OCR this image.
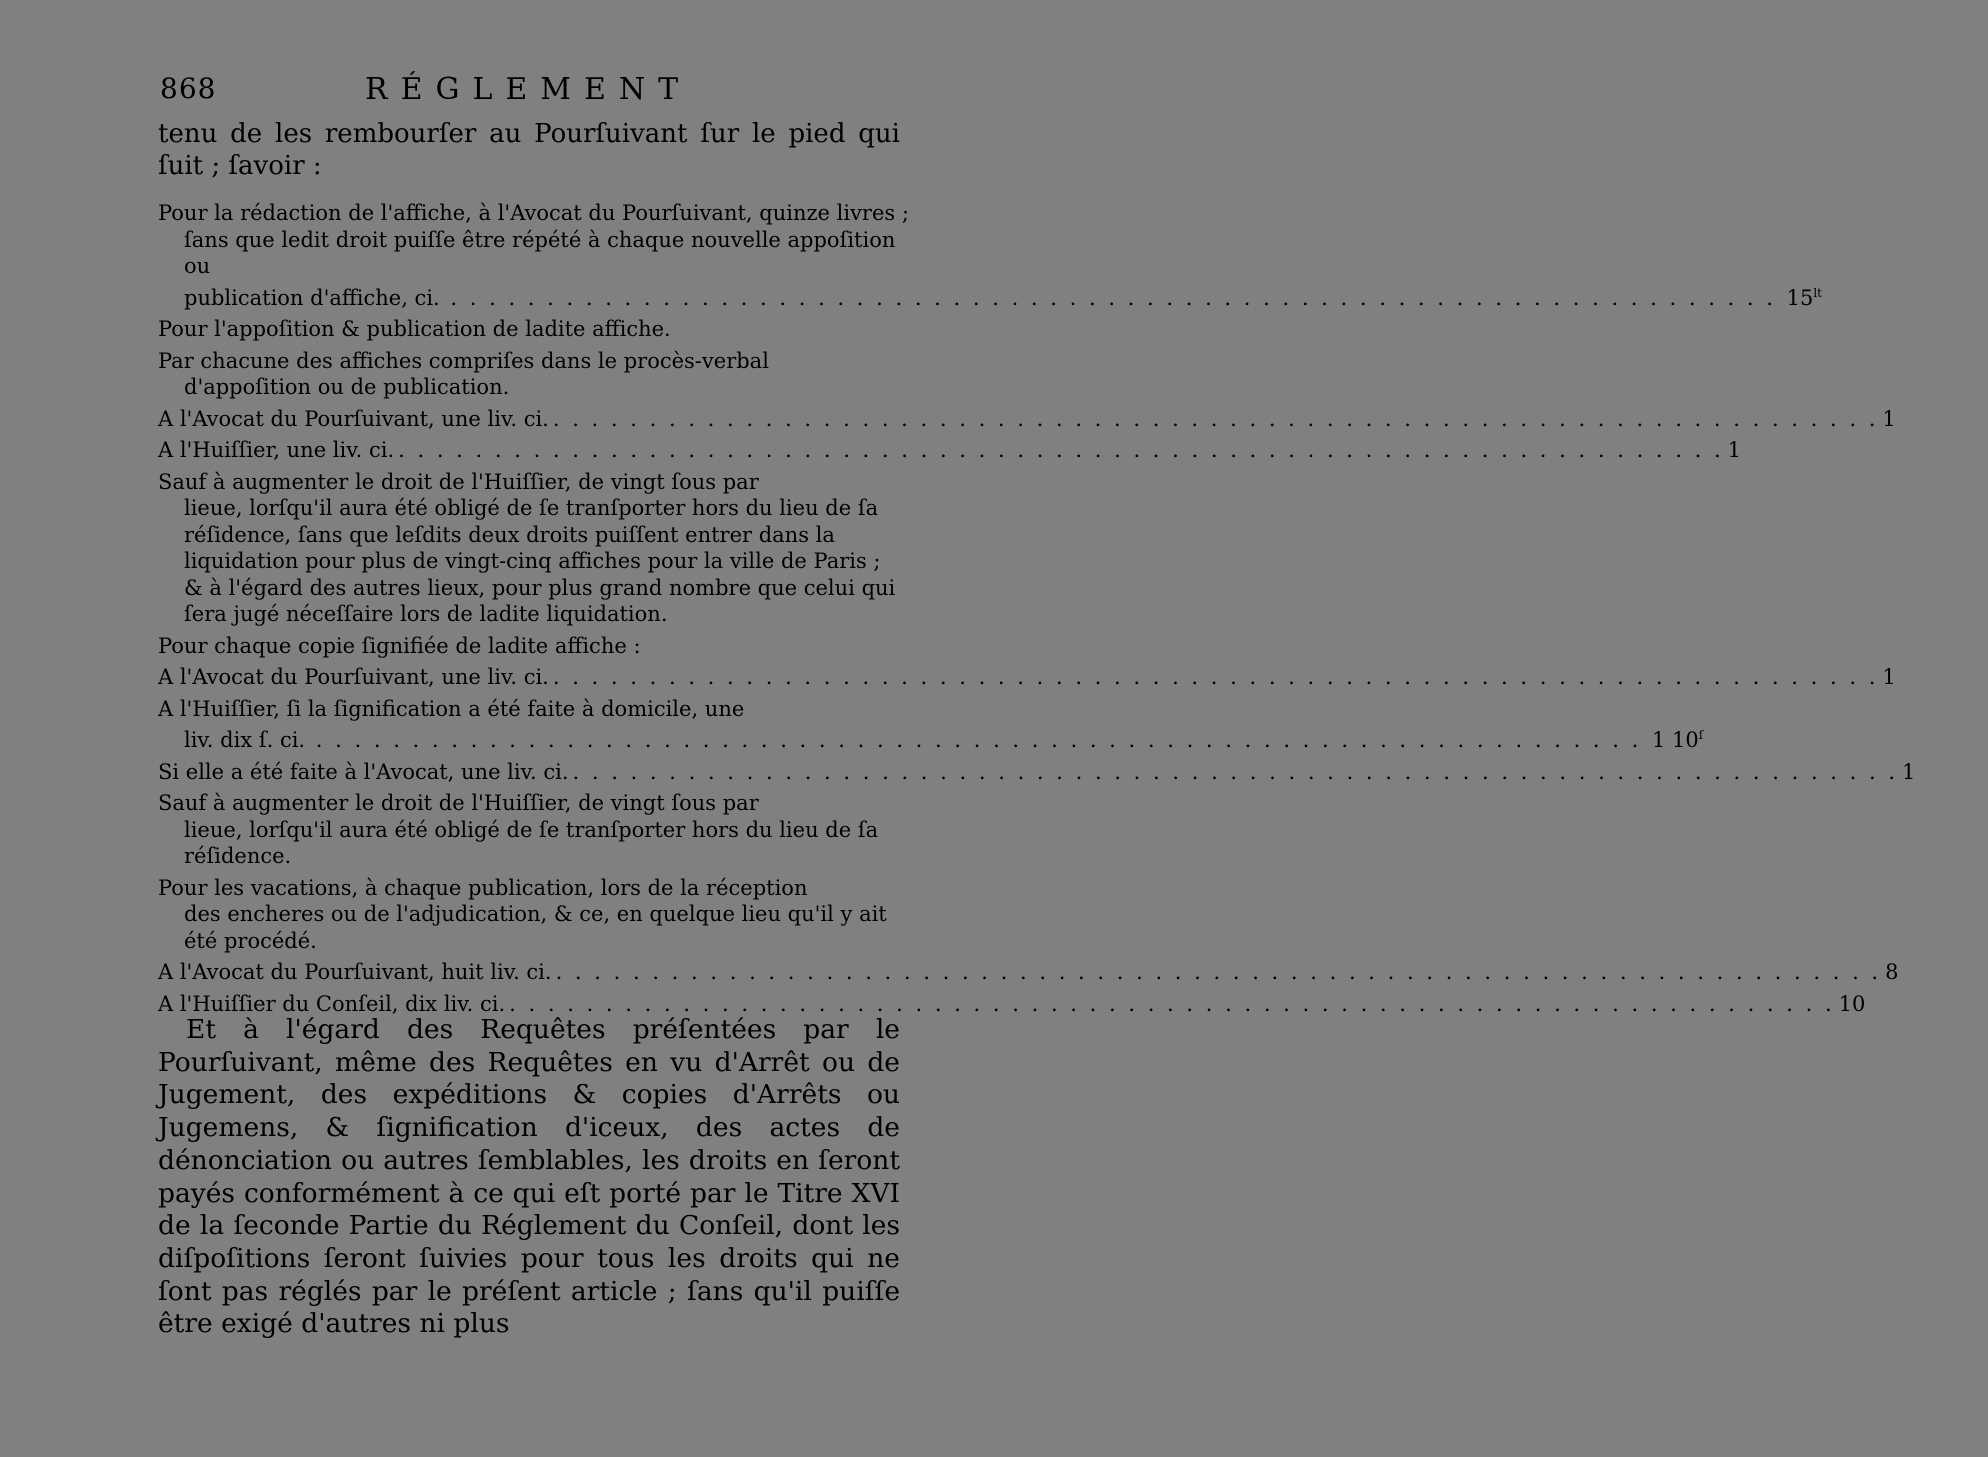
868	RÉGLEMENT
tenu de les rembourſer au Pourſuivant ſur le pied qui ſuit ; ſavoir :
Pour la rédaction de l'affiche, à l'Avocat du Pourſuivant, quinze livres ;
ſans que ledit droit puiſſe être répété à chaque nouvelle appoſition ou
publication d'affiche, ci. . . .	$15^{lt}$
Pour l'appoſition & publication de ladite affiche.
Par chacune des affiches compriſes dans le procès-verbal
d'appoſition ou de publication.
A l'Avocat du Pourſuivant, une liv. ci. . . .	1
A l'Huiſſier, une liv. ci. . . .	1
Sauf à augmenter le droit de l'Huiſſier, de vingt ſous par
lieue, lorſqu'il aura été obligé de ſe tranſporter hors du lieu de ſa réſidence, ſans que leſdits deux droits puiſſent entrer dans la liquidation pour plus de vingt-cinq affiches pour la ville de Paris ; & à l'égard des autres lieux, pour plus grand nombre que celui qui ſera jugé néceſſaire lors de ladite liquidation.
Pour chaque copie ſignifiée de ladite affiche :
A l'Avocat du Pourſuivant, une liv. ci. . . .	1
A l'Huiſſier, ſi la ſignification a été faite à domicile, une
liv. dix ſ. ci. . . .	1 $10^ſ$
Si elle a été faite à l'Avocat, une liv. ci. . . .	1
Sauf à augmenter le droit de l'Huiſſier, de vingt ſous par
lieue, lorſqu'il aura été obligé de ſe tranſporter hors du lieu de ſa réſidence.
Pour les vacations, à chaque publication, lors de la réception
des encheres ou de l'adjudication, & ce, en quelque lieu qu'il y ait été procédé.
A l'Avocat du Pourſuivant, huit liv. ci. . . .	8
A l'Huiſſier du Conſeil, dix liv. ci. . . .	10
Et à l'égard des Requêtes préſentées par le Pourſuivant, même des Requêtes en vu d'Arrêt ou de Jugement, des expéditions & copies d'Arrêts ou Jugemens, & ſignification d'iceux, des actes de dénonciation ou autres ſemblables, les droits en ſeront payés conformément à ce qui eſt porté par le Titre XVI de la ſeconde Partie du Réglement du Conſeil, dont les diſpoſitions ſeront ſuivies pour tous les droits qui ne ſont pas réglés par le préſent article ; ſans qu'il puiſſe être exigé d'autres ni plus
